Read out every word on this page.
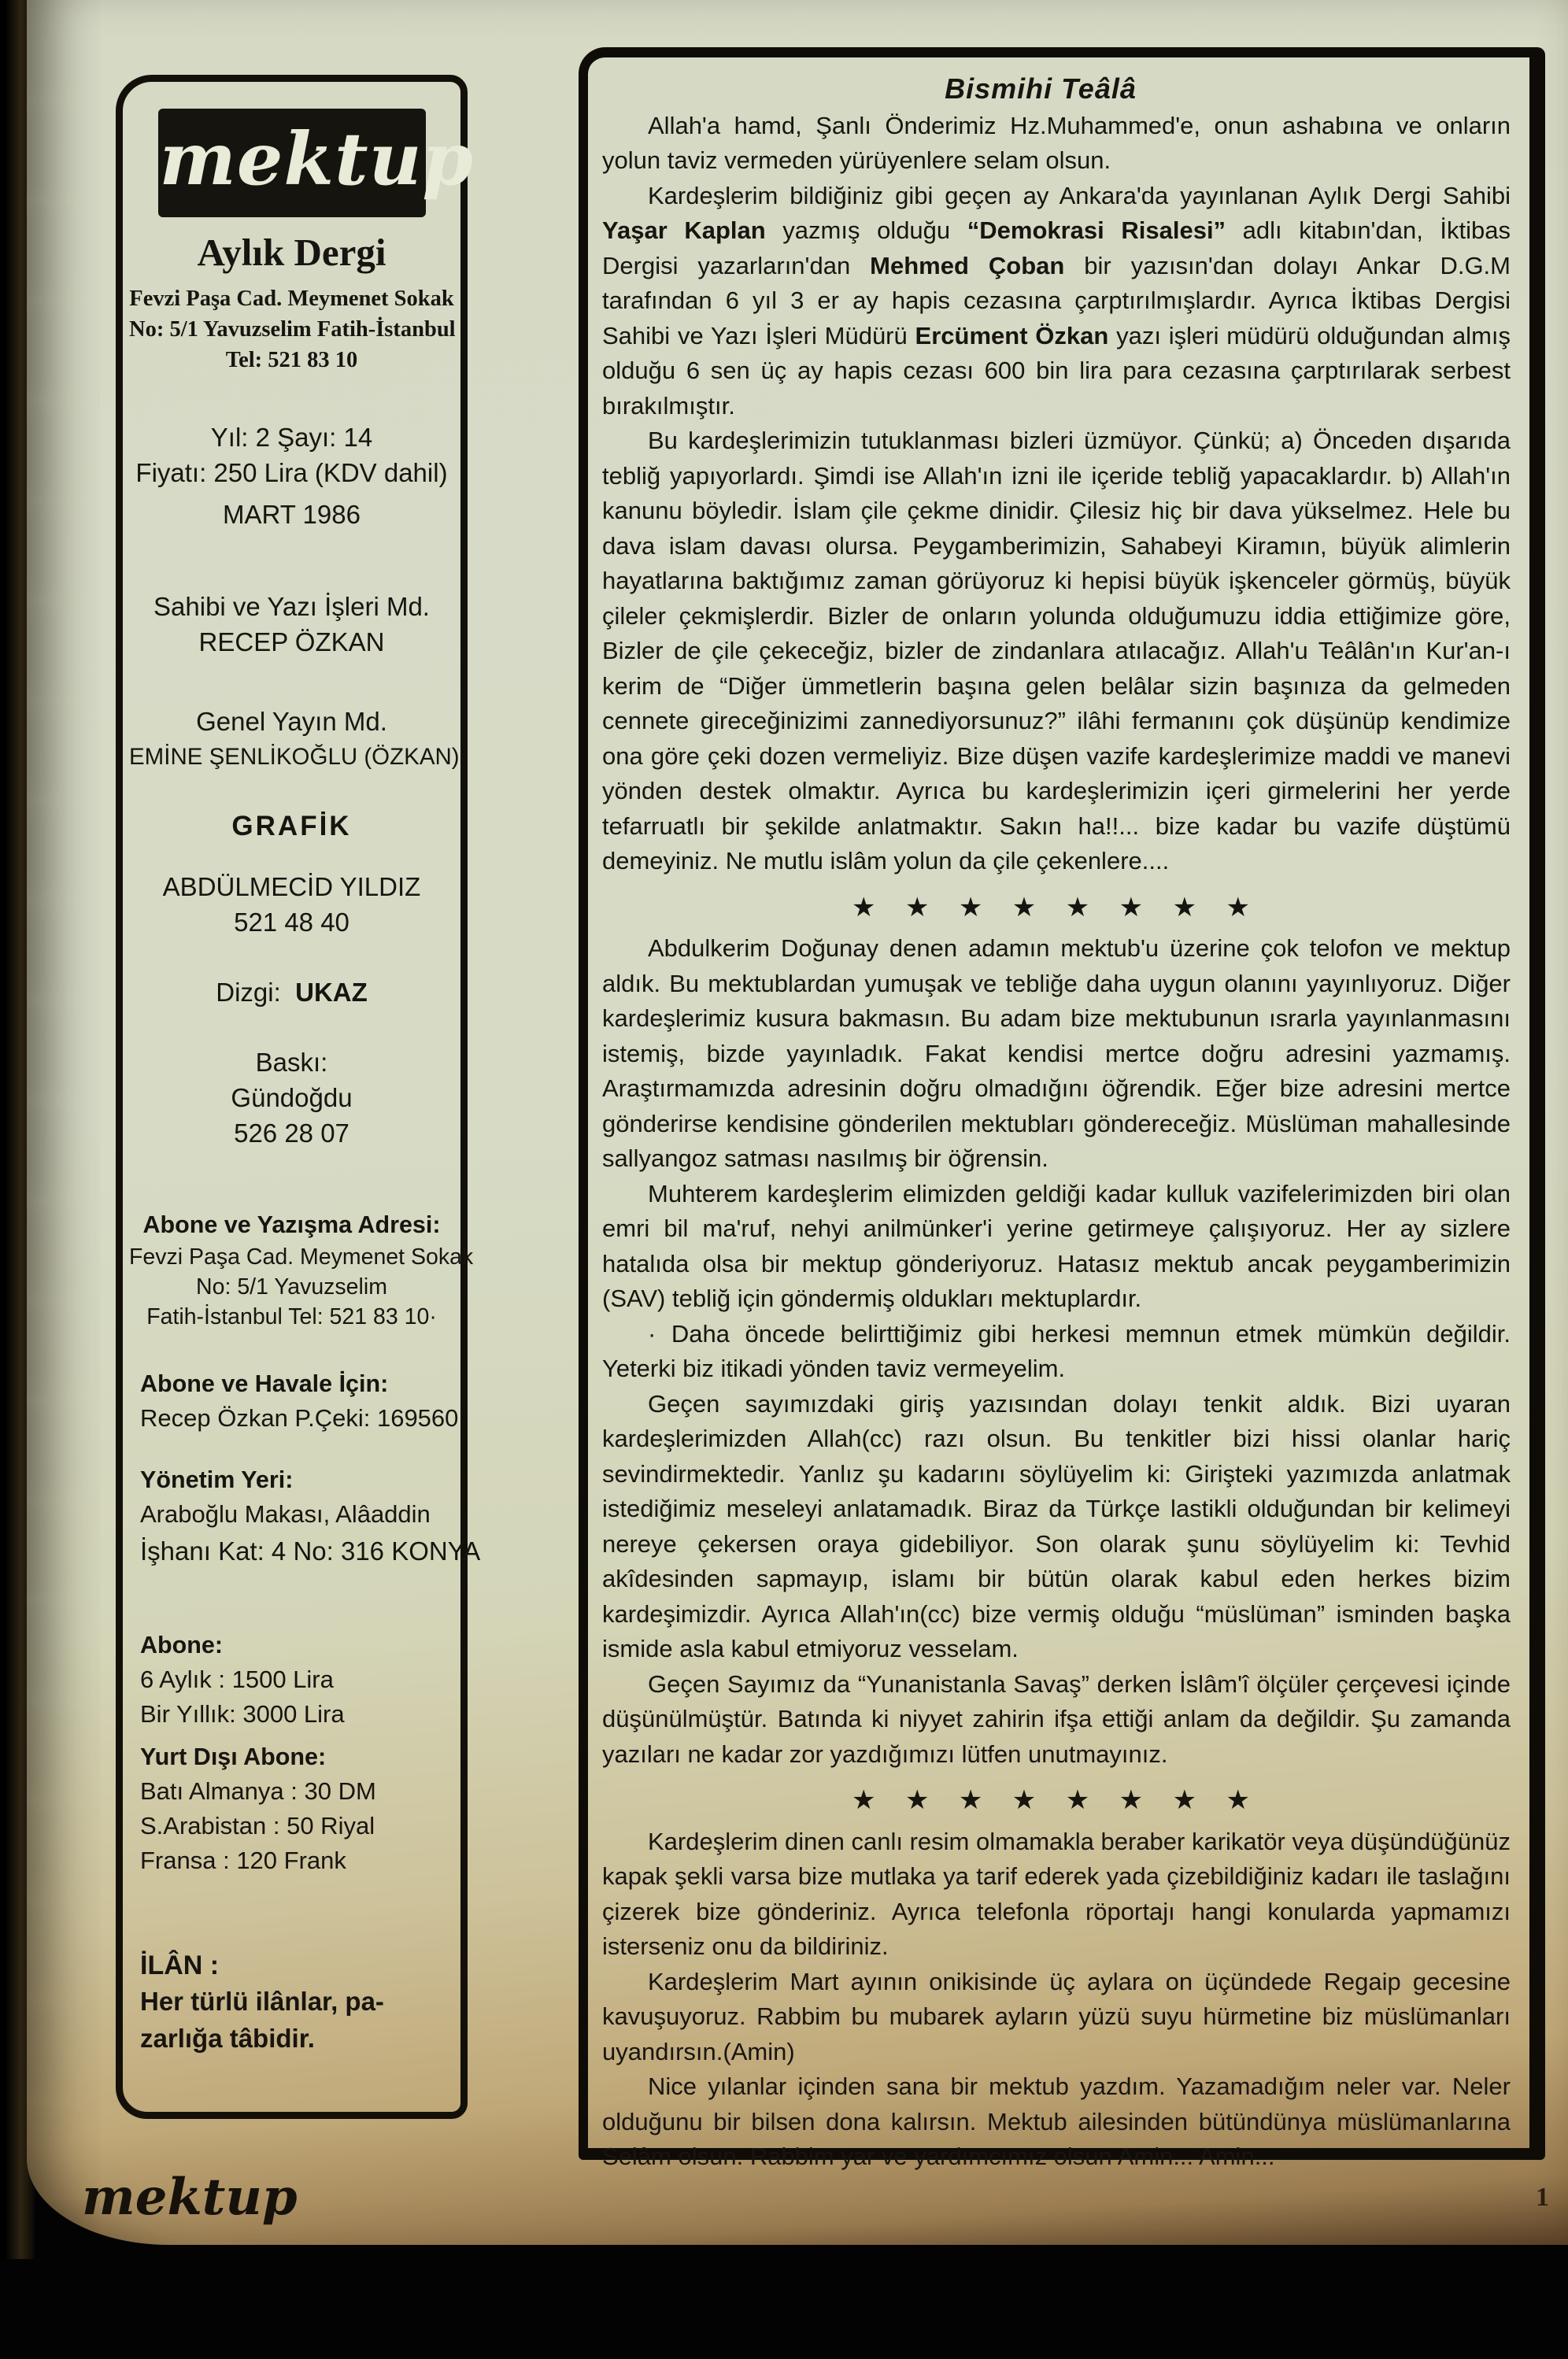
mektup
Aylık Dergi
Fevzi Paşa Cad. Meymenet Sokak
No: 5/1 Yavuzselim Fatih-İstanbul
Tel: 521 83 10
Yıl: 2 Şayı: 14
Fiyatı: 250 Lira (KDV dahil)
MART 1986
Sahibi ve Yazı İşleri Md.
RECEP ÖZKAN
Genel Yayın Md.
EMİNE ŞENLİKOĞLU (ÖZKAN)
GRAFİK
ABDÜLMECİD YILDIZ
521 48 40
Dizgi: UKAZ
Baskı:
Gündoğdu
526 28 07
Abone ve Yazışma Adresi:
Fevzi Paşa Cad. Meymenet Sokak
No: 5/1 Yavuzselim
Fatih-İstanbul Tel: 521 83 10·
Abone ve Havale İçin:
Recep Özkan P.Çeki: 169560
Yönetim Yeri:
Araboğlu Makası, Alâaddin
İşhanı Kat: 4 No: 316 KONYA
Abone:
6 Aylık : 1500 Lira
Bir Yıllık: 3000 Lira
Yurt Dışı Abone:
Batı Almanya : 30 DM
S.Arabistan : 50 Riyal
Fransa : 120 Frank
İLÂN :
Her türlü ilânlar, pa-
zarlığa tâbidir.
Bismihi Teâlâ

Allah'a hamd, Şanlı Önderimiz Hz.Muhammed'e, onun ashabına ve onların yolun taviz vermeden yürüyenlere selam olsun.

Kardeşlerim bildiğiniz gibi geçen ay Ankara'da yayınlanan Aylık Dergi Sahibi Yaşar Kaplan yazmış olduğu “Demokrasi Risalesi” adlı kitabın'dan, İktibas Dergisi yazarların'dan Mehmed Çoban bir yazısın'dan dolayı Ankar D.G.M tarafından 6 yıl 3 er ay hapis cezasına çarptırılmışlardır. Ayrıca İktibas Dergisi Sahibi ve Yazı İşleri Müdürü Ercüment Özkan yazı işleri müdürü olduğundan almış olduğu 6 sen üç ay hapis cezası 600 bin lira para cezasına çarptırılarak serbest bırakılmıştır.

Bu kardeşlerimizin tutuklanması bizleri üzmüyor. Çünkü; a) Önceden dışarıda tebliğ yapıyorlardı. Şimdi ise Allah'ın izni ile içeride tebliğ yapacaklardır. b) Allah'ın kanunu böyledir. İslam çile çekme dinidir. Çilesiz hiç bir dava yükselmez. Hele bu dava islam davası olursa. Peygamberimizin, Sahabeyi Kiramın, büyük alimlerin hayatlarına baktığımız zaman görüyoruz ki hepisi büyük işkenceler görmüş, büyük çileler çekmişlerdir. Bizler de onların yolunda olduğumuzu iddia ettiğimize göre, Bizler de çile çekeceğiz, bizler de zindanlara atılacağız. Allah'u Teâlân'ın Kur'an-ı kerim de “Diğer ümmetlerin başına gelen belâlar sizin başınıza da gelmeden cennete gireceğinizimi zannediyorsunuz?” ilâhi fermanını çok düşünüp kendimize ona göre çeki dozen vermeliyiz. Bize düşen vazife kardeşlerimize maddi ve manevi yönden destek olmaktır. Ayrıca bu kardeşlerimizin içeri girmelerini her yerde tefarruatlı bir şekilde anlatmaktır. Sakın ha!!... bize kadar bu vazife düştümü demeyiniz. Ne mutlu islâm yolun da çile çekenlere....

★ ★ ★ ★ ★ ★ ★ ★

Abdulkerim Doğunay denen adamın mektub'u üzerine çok telofon ve mektup aldık. Bu mektublardan yumuşak ve tebliğe daha uygun olanını yayınlıyoruz. Diğer kardeşlerimiz kusura bakmasın. Bu adam bize mektubunun ısrarla yayınlanmasını istemiş, bizde yayınladık. Fakat kendisi mertce doğru adresini yazmamış. Araştırmamızda adresinin doğru olmadığını öğrendik. Eğer bize adresini mertce gönderirse kendisine gönderilen mektubları göndereceğiz. Müslüman mahallesinde sallyangoz satması nasılmış bir öğrensin.

Muhterem kardeşlerim elimizden geldiği kadar kulluk vazifelerimizden biri olan emri bil ma'ruf, nehyi anilmünker'i yerine getirmeye çalışıyoruz. Her ay sizlere hatalıda olsa bir mektup gönderiyoruz. Hatasız mektub ancak peygamberimizin (SAV) tebliğ için göndermiş oldukları mektuplardır.

· Daha öncede belirttiğimiz gibi herkesi memnun etmek mümkün değildir. Yeterki biz itikadi yönden taviz vermeyelim.

Geçen sayımızdaki giriş yazısından dolayı tenkit aldık. Bizi uyaran kardeşlerimizden Allah(cc) razı olsun. Bu tenkitler bizi hissi olanlar hariç sevindirmektedir. Yanlız şu kadarını söylüyelim ki: Girişteki yazımızda anlatmak istediğimiz meseleyi anlatamadık. Biraz da Türkçe lastikli olduğundan bir kelimeyi nereye çekersen oraya gidebiliyor. Son olarak şunu söylüyelim ki: Tevhid akîdesinden sapmayıp, islamı bir bütün olarak kabul eden herkes bizim kardeşimizdir. Ayrıca Allah'ın(cc) bize vermiş olduğu “müslüman” isminden başka ismide asla kabul etmiyoruz vesselam.

Geçen Sayımız da “Yunanistanla Savaş” derken İslâm'î ölçüler çerçevesi içinde düşünülmüştür. Batında ki niyyet zahirin ifşa ettiği anlam da değildir. Şu zamanda yazıları ne kadar zor yazdığımızı lütfen unutmayınız.

★ ★ ★ ★ ★ ★ ★ ★

Kardeşlerim dinen canlı resim olmamakla beraber karikatör veya düşündüğünüz kapak şekli varsa bize mutlaka ya tarif ederek yada çizebildiğiniz kadarı ile taslağını çizerek bize gönderiniz. Ayrıca telefonla röportajı hangi konularda yapmamızı isterseniz onu da bildiriniz.

Kardeşlerim Mart ayının onikisinde üç aylara on üçündede Regaip gecesine kavuşuyoruz. Rabbim bu mubarek ayların yüzü suyu hürmetine biz müslümanları uyandırsın.(Amin)

Nice yılanlar içinden sana bir mektub yazdım. Yazamadığım neler var. Neler olduğunu bir bilsen dona kalırsın. Mektub ailesinden bütündünya müslümanlarına Selâm olsun. Rabbim yar ve yardımcımız olsun Amin... Amin...

mektup	1
